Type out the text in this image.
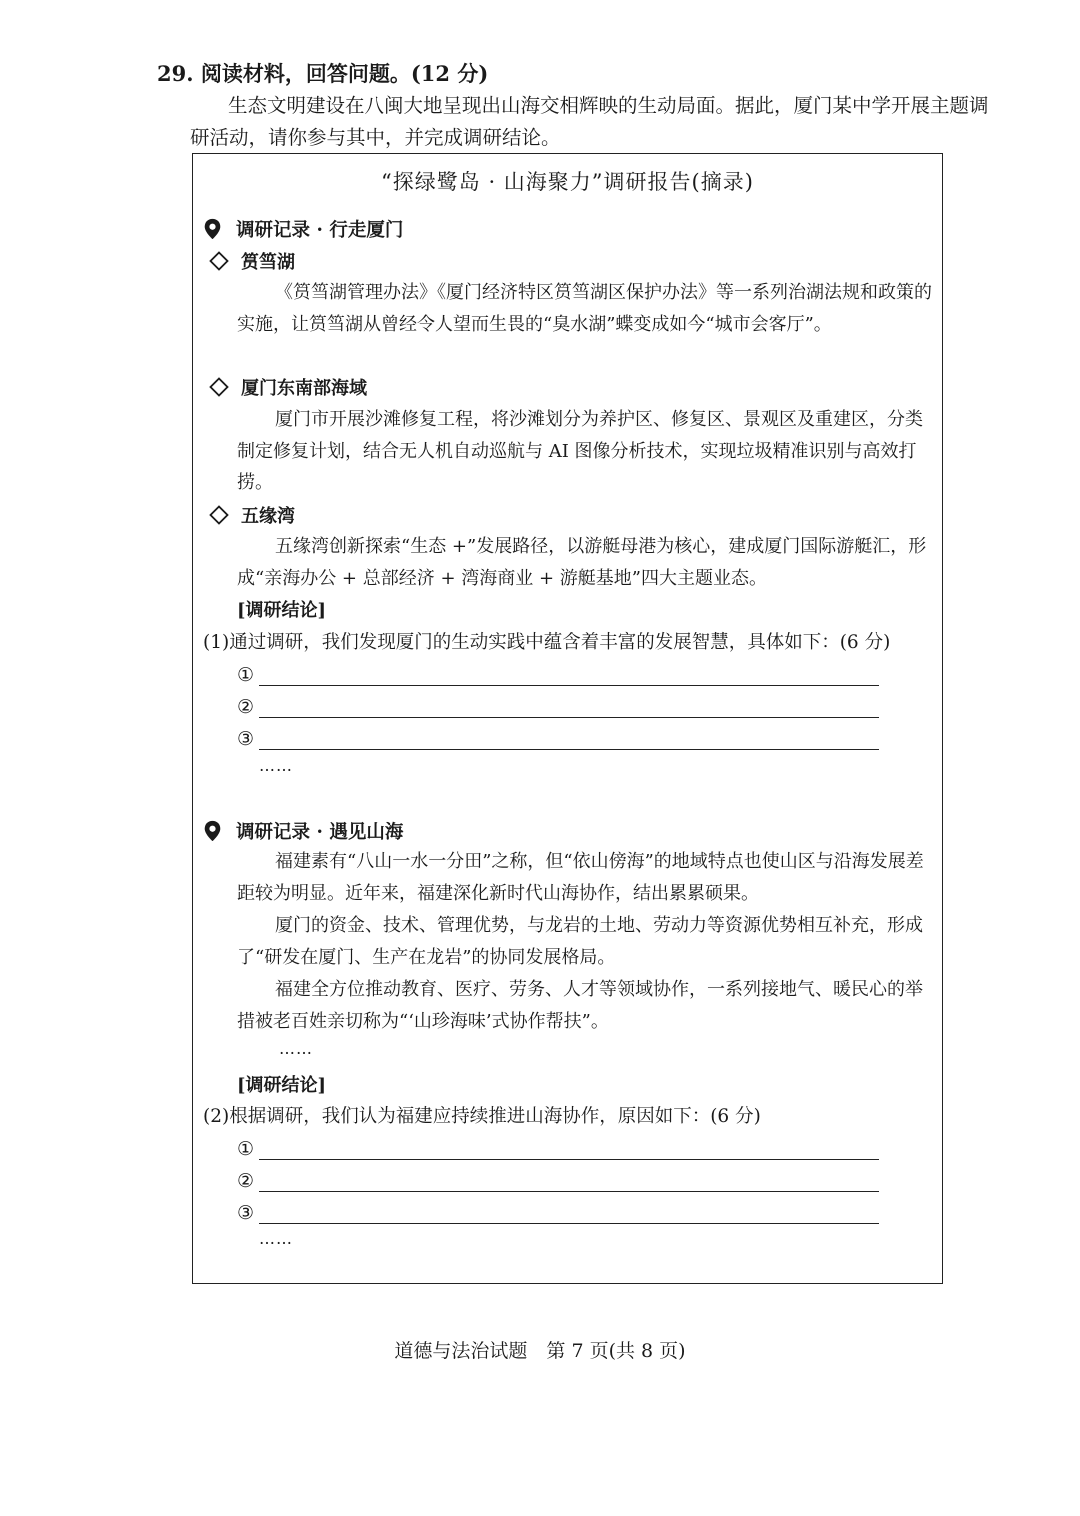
29. 阅读材料，回答问题。(12 分)
生态文明建设在八闽大地呈现出山海交相辉映的生动局面。据此，厦门某中学开展主题调研活动，请你参与其中，并完成调研结论。
“探绿鹭岛 · 山海聚力”调研报告(摘录)
调研记录 · 行走厦门
筼筜湖
《筼筜湖管理办法》《厦门经济特区筼筜湖区保护办法》等一系列治湖法规和政策的实施，让筼筜湖从曾经令人望而生畏的“臭水湖”蝶变成如今“城市会客厅”。
厦门东南部海域
厦门市开展沙滩修复工程，将沙滩划分为养护区、修复区、景观区及重建区，分类制定修复计划，结合无人机自动巡航与 AI 图像分析技术，实现垃圾精准识别与高效打捞。
五缘湾
五缘湾创新探索“生态 +”发展路径，以游艇母港为核心，建成厦门国际游艇汇，形成“亲海办公 + 总部经济 + 湾海商业 + 游艇基地”四大主题业态。
[调研结论]
(1)通过调研，我们发现厦门的生动实践中蕴含着丰富的发展智慧，具体如下：(6 分)
①
②
③
……
调研记录 · 遇见山海
福建素有“八山一水一分田”之称，但“依山傍海”的地域特点也使山区与沿海发展差距较为明显。近年来，福建深化新时代山海协作，结出累累硕果。
厦门的资金、技术、管理优势，与龙岩的土地、劳动力等资源优势相互补充，形成了“研发在厦门、生产在龙岩”的协同发展格局。
福建全方位推动教育、医疗、劳务、人才等领域协作，一系列接地气、暖民心的举措被老百姓亲切称为“‘山珍海味’式协作帮扶”。
……
[调研结论]
(2)根据调研，我们认为福建应持续推进山海协作，原因如下：(6 分)
①
②
③
……
道德与法治试题　第 7 页(共 8 页)
